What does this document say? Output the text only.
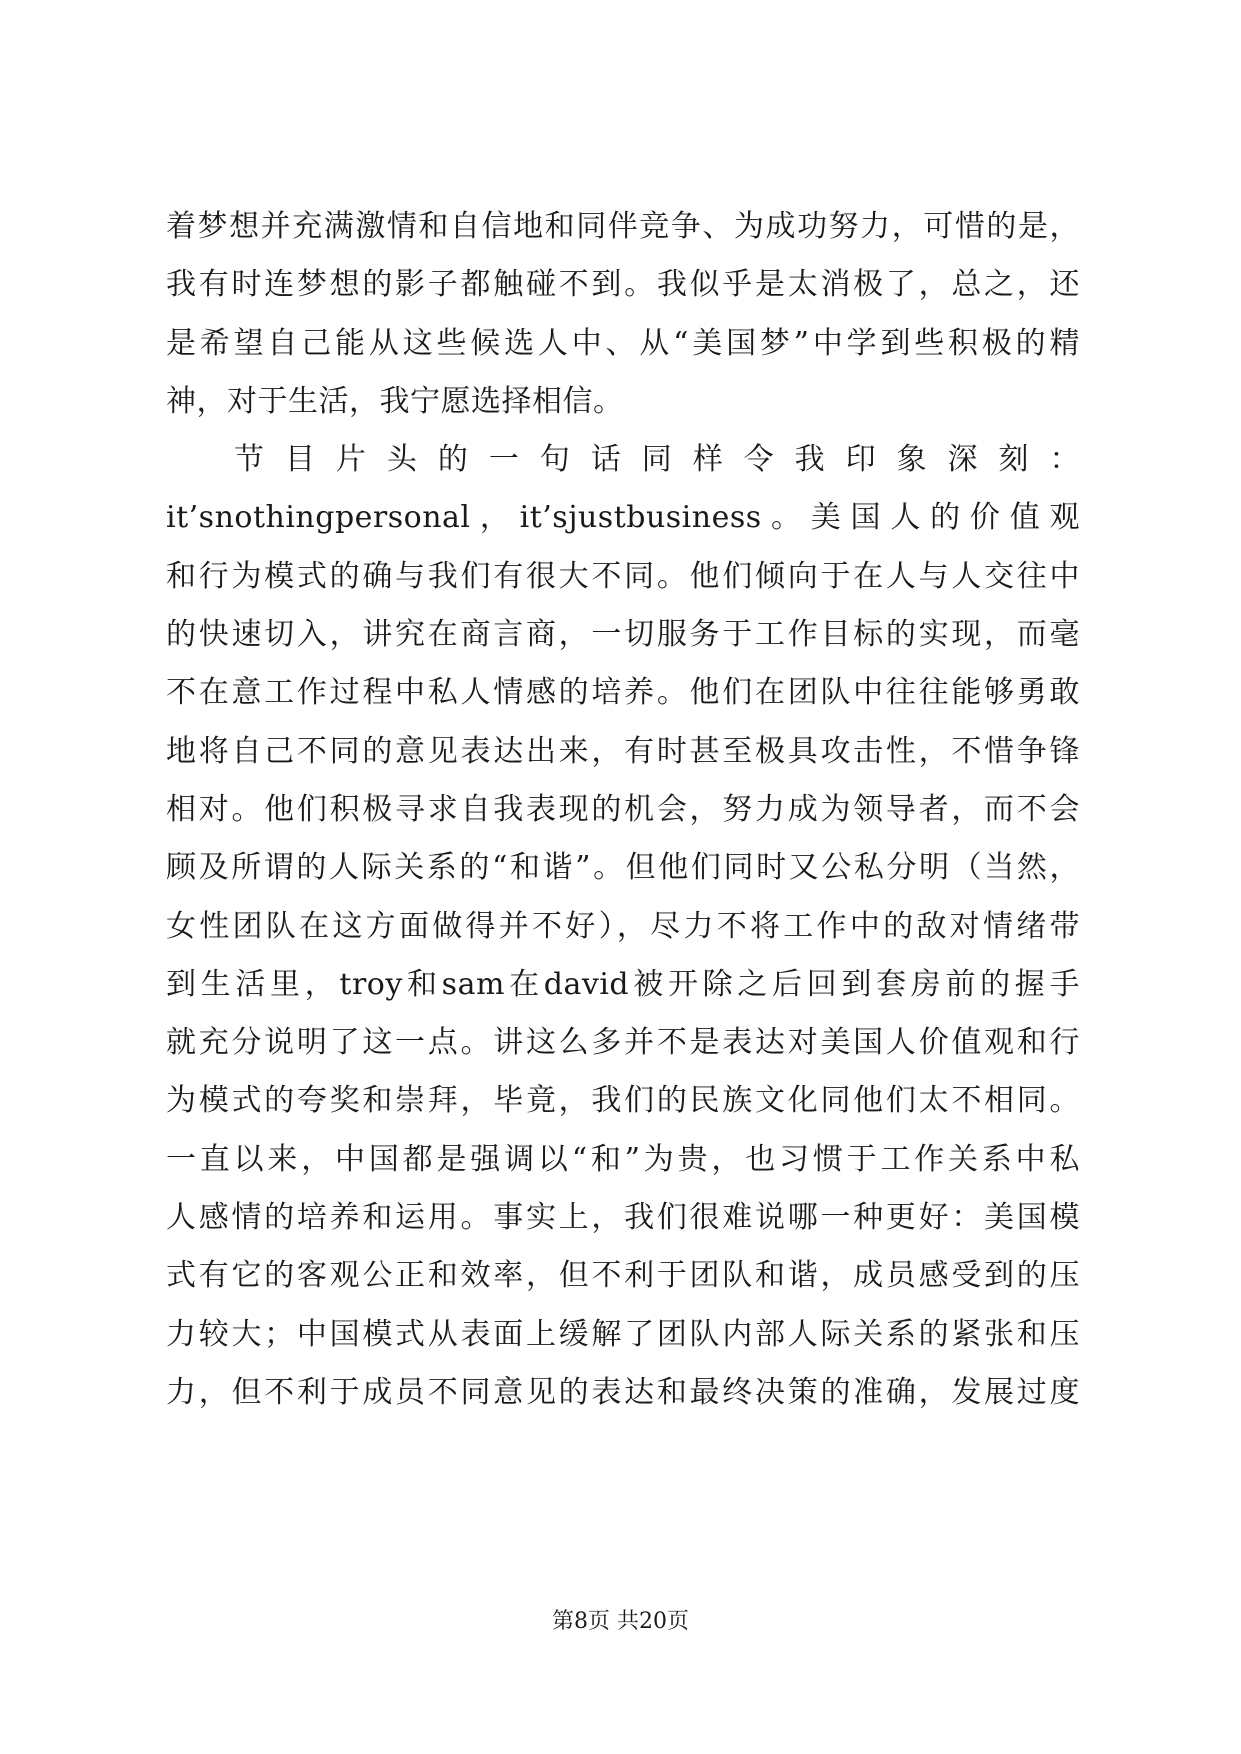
着梦想并充满激情和自信地和同伴竞争、为成功努力，可惜的是，
我有时连梦想的影子都触碰不到。我似乎是太消极了，总之，还
是希望自己能从这些候选人中、从“美国梦”中学到些积极的精
神，对于生活，我宁愿选择相信。
节目片头的一句话同样令我印象深刻：
it’snothingpersonal，it’sjustbusiness。美国人的价值观
和行为模式的确与我们有很大不同。他们倾向于在人与人交往中
的快速切入，讲究在商言商，一切服务于工作目标的实现，而毫
不在意工作过程中私人情感的培养。他们在团队中往往能够勇敢
地将自己不同的意见表达出来，有时甚至极具攻击性，不惜争锋
相对。他们积极寻求自我表现的机会，努力成为领导者，而不会
顾及所谓的人际关系的“和谐”。但他们同时又公私分明（当然，
女性团队在这方面做得并不好），尽力不将工作中的敌对情绪带
到生活里，troy和sam在david被开除之后回到套房前的握手
就充分说明了这一点。讲这么多并不是表达对美国人价值观和行
为模式的夸奖和崇拜，毕竟，我们的民族文化同他们太不相同。
一直以来，中国都是强调以“和”为贵，也习惯于工作关系中私
人感情的培养和运用。事实上，我们很难说哪一种更好：美国模
式有它的客观公正和效率，但不利于团队和谐，成员感受到的压
力较大；中国模式从表面上缓解了团队内部人际关系的紧张和压
力，但不利于成员不同意见的表达和最终决策的准确，发展过度
第8页 共20页
